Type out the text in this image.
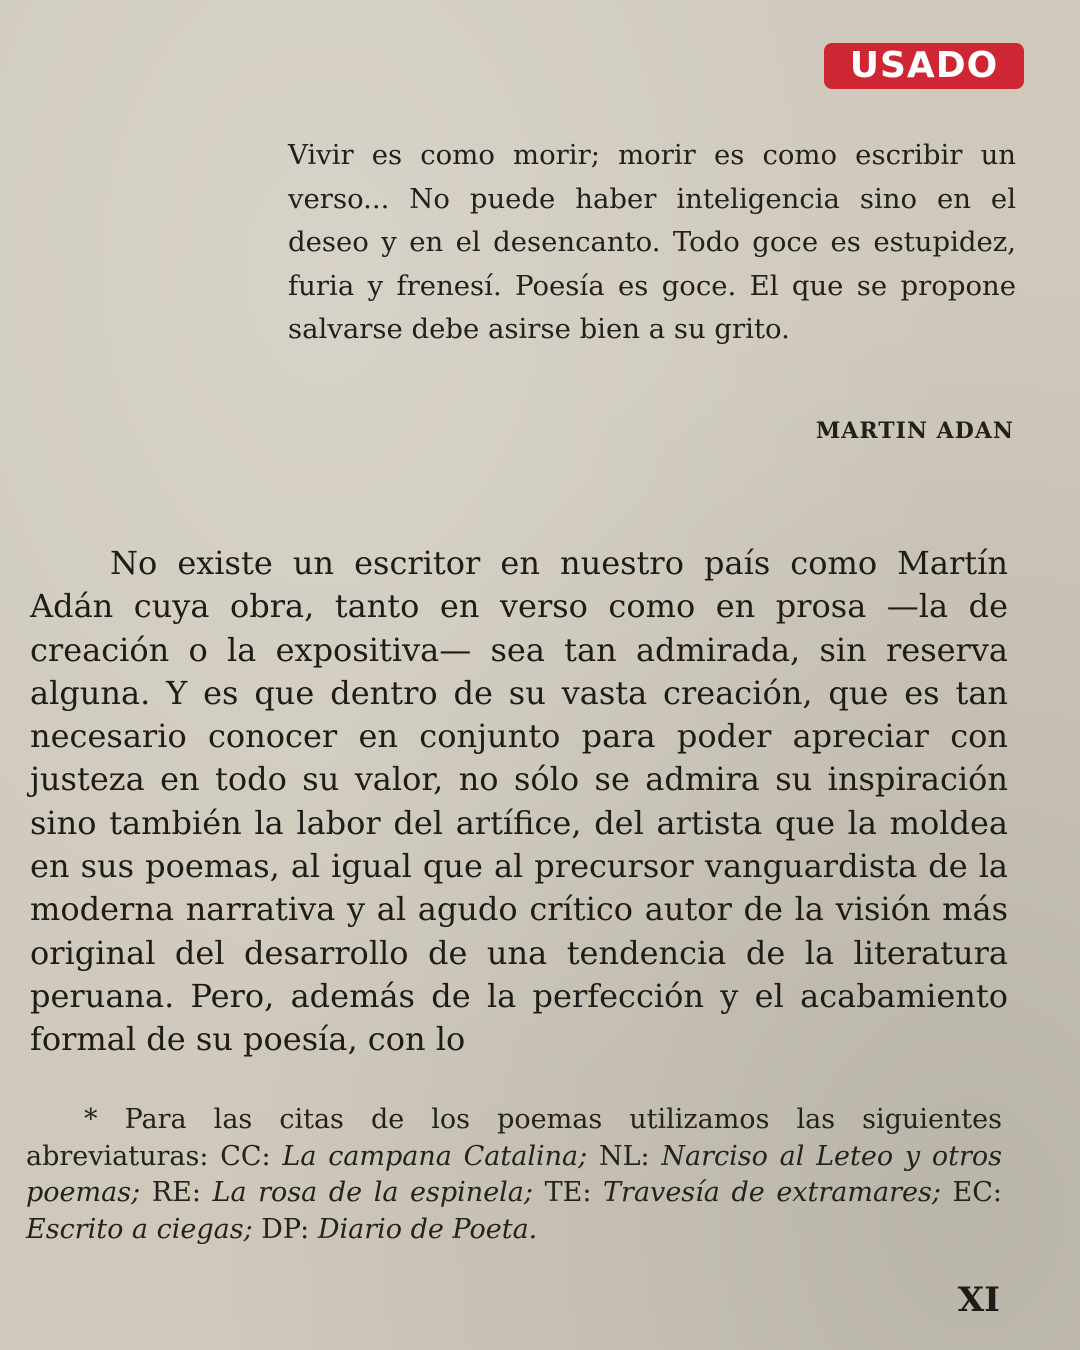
USADO
Vivir es como morir; morir es como escribir un verso... No puede haber inteligencia sino en el deseo y en el desencanto. Todo goce es estupidez, furia y frenesí. Poesía es goce. El que se propone salvarse debe asirse bien a su grito.
MARTIN ADAN

No existe un escritor en nuestro país como Martín Adán cuya obra, tanto en verso como en prosa —la de creación o la expositiva— sea tan admirada, sin reserva alguna. Y es que dentro de su vasta creación, que es tan necesario conocer en conjunto para poder apreciar con justeza en todo su valor, no sólo se admira su inspiración sino también la labor del artífice, del artista que la moldea en sus poemas, al igual que al precursor vanguardista de la moderna narrativa y al agudo crítico autor de la visión más original del desarrollo de una tendencia de la literatura peruana. Pero, además de la perfección y el acabamiento formal de su poesía, con lo

* Para las citas de los poemas utilizamos las siguientes abreviaturas: CC: La campana Catalina; NL: Narciso al Leteo y otros poemas; RE: La rosa de la espinela; TE: Travesía de extramares; EC: Escrito a ciegas; DP: Diario de Poeta.

XI
